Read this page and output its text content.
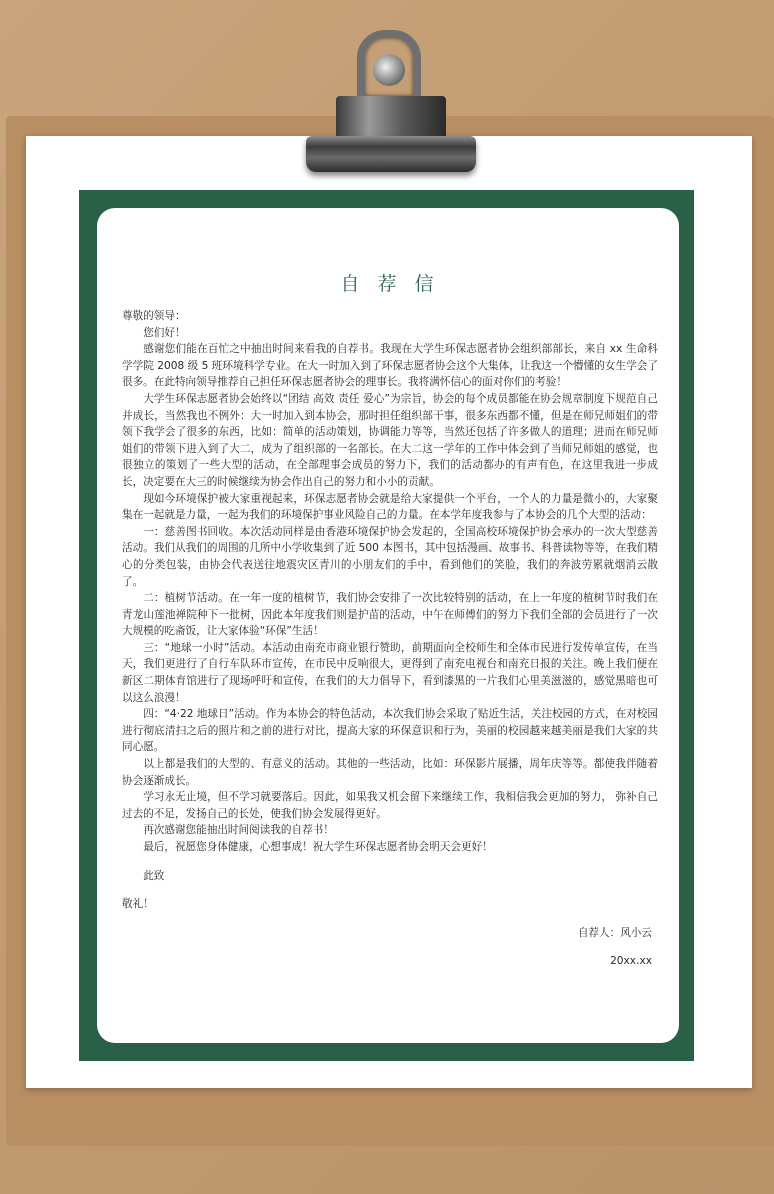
自 荐 信

尊敬的领导：

您们好！

感谢您们能在百忙之中抽出时间来看我的自荐书。我现在大学生环保志愿者协会组织部部长，来自 xx 生命科学学院 2008 级 5 班环境科学专业。在大一时加入到了环保志愿者协会这个大集体，让我这一个懵懂的女生学会了很多。在此特向领导推荐自己担任环保志愿者协会的理事长。我将满怀信心的面对你们的考验！

大学生环保志愿者协会始终以“团结 高效 责任 爱心”为宗旨，协会的每个成员都能在协会规章制度下规范自己并成长，当然我也不例外：大一时加入到本协会，那时担任组织部干事，很多东西都不懂，但是在师兄师姐们的带领下我学会了很多的东西，比如：简单的活动策划，协调能力等等，当然还包括了许多做人的道理；进而在师兄师姐们的带领下进入到了大二，成为了组织部的一名部长。在大二这一学年的工作中体会到了当师兄师姐的感觉，也很独立的策划了一些大型的活动，在全部理事会成员的努力下，我们的活动都办的有声有色，在这里我进一步成长，决定要在大三的时候继续为协会作出自己的努力和小小的贡献。

现如今环境保护被大家重视起来，环保志愿者协会就是给大家提供一个平台，一个人的力量是微小的，大家聚集在一起就是力量，一起为我们的环境保护事业风险自己的力量。在本学年度我参与了本协会的几个大型的活动：

一：慈善图书回收。本次活动同样是由香港环境保护协会发起的，全国高校环境保护协会承办的一次大型慈善活动。我们从我们的周围的几所中小学收集到了近 500 本图书，其中包括漫画、故事书、科普读物等等，在我们精心的分类包装，由协会代表送往地震灾区青川的小朋友们的手中，看到他们的笑脸，我们的奔波劳累就烟消云散了。

二：植树节活动。在一年一度的植树节，我们协会安排了一次比较特别的活动，在上一年度的植树节时我们在青龙山莲池禅院种下一批树，因此本年度我们则是护苗的活动，中午在师傅们的努力下我们全部的会员进行了一次大规模的吃斋饭，让大家体验“环保”生活！

三：“地球一小时”活动。本活动由南充市商业银行赞助，前期面向全校师生和全体市民进行发传单宣传，在当天，我们更进行了自行车队环市宣传，在市民中反响很大，更得到了南充电视台和南充日报的关注。晚上我们便在新区二期体育馆进行了现场呼吁和宣传，在我们的大力倡导下，看到漆黑的一片我们心里美滋滋的，感觉黑暗也可以这么浪漫！

四：“4·22 地球日”活动。作为本协会的特色活动，本次我们协会采取了贴近生活，关注校园的方式，在对校园进行彻底清扫之后的照片和之前的进行对比，提高大家的环保意识和行为，美丽的校园越来越美丽是我们大家的共同心愿。

以上都是我们的大型的、有意义的活动。其他的一些活动，比如：环保影片展播，周年庆等等。都使我伴随着协会逐渐成长。

学习永无止境，但不学习就要落后。因此，如果我又机会留下来继续工作，我相信我会更加的努力， 弥补自己过去的不足，发扬自己的长处，使我们协会发展得更好。

再次感谢您能抽出时间阅读我的自荐书！

最后，祝愿您身体健康，心想事成！祝大学生环保志愿者协会明天会更好！

此致

敬礼！

自荐人：风小云

20xx.xx
